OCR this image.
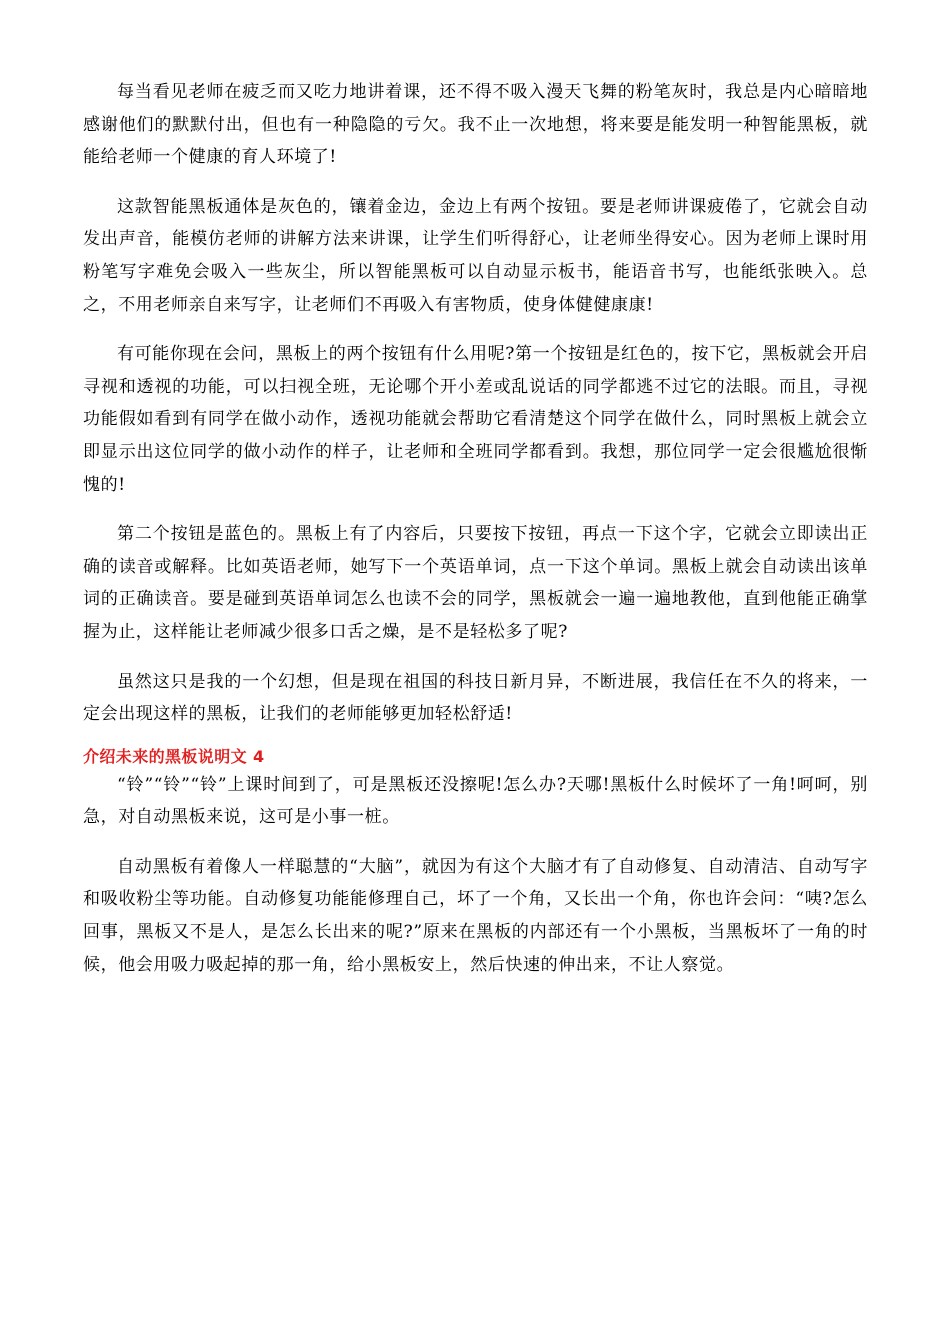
每当看见老师在疲乏而又吃力地讲着课，还不得不吸入漫天飞舞的粉笔灰时，我总是内心暗暗地感谢他们的默默付出，但也有一种隐隐的亏欠。我不止一次地想，将来要是能发明一种智能黑板，就能给老师一个健康的育人环境了!

这款智能黑板通体是灰色的，镶着金边，金边上有两个按钮。要是老师讲课疲倦了，它就会自动发出声音，能模仿老师的讲解方法来讲课，让学生们听得舒心，让老师坐得安心。因为老师上课时用粉笔写字难免会吸入一些灰尘，所以智能黑板可以自动显示板书，能语音书写，也能纸张映入。总之，不用老师亲自来写字，让老师们不再吸入有害物质，使身体健健康康!

有可能你现在会问，黑板上的两个按钮有什么用呢?第一个按钮是红色的，按下它，黑板就会开启寻视和透视的功能，可以扫视全班，无论哪个开小差或乱说话的同学都逃不过它的法眼。而且，寻视功能假如看到有同学在做小动作，透视功能就会帮助它看清楚这个同学在做什么，同时黑板上就会立即显示出这位同学的做小动作的样子，让老师和全班同学都看到。我想，那位同学一定会很尴尬很惭愧的!

第二个按钮是蓝色的。黑板上有了内容后，只要按下按钮，再点一下这个字，它就会立即读出正确的读音或解释。比如英语老师，她写下一个英语单词，点一下这个单词。黑板上就会自动读出该单词的正确读音。要是碰到英语单词怎么也读不会的同学，黑板就会一遍一遍地教他，直到他能正确掌握为止，这样能让老师减少很多口舌之燥，是不是轻松多了呢?

虽然这只是我的一个幻想，但是现在祖国的科技日新月异，不断进展，我信任在不久的将来，一定会出现这样的黑板，让我们的老师能够更加轻松舒适!

介绍未来的黑板说明文 4

“铃”“铃”“铃”上课时间到了，可是黑板还没擦呢!怎么办?天哪!黑板什么时候坏了一角!呵呵，别急，对自动黑板来说，这可是小事一桩。

自动黑板有着像人一样聪慧的“大脑”，就因为有这个大脑才有了自动修复、自动清洁、自动写字和吸收粉尘等功能。自动修复功能能修理自己，坏了一个角，又长出一个角，你也许会问：“咦?怎么回事，黑板又不是人，是怎么长出来的呢?”原来在黑板的内部还有一个小黑板，当黑板坏了一角的时候，他会用吸力吸起掉的那一角，给小黑板安上，然后快速的伸出来，不让人察觉。
